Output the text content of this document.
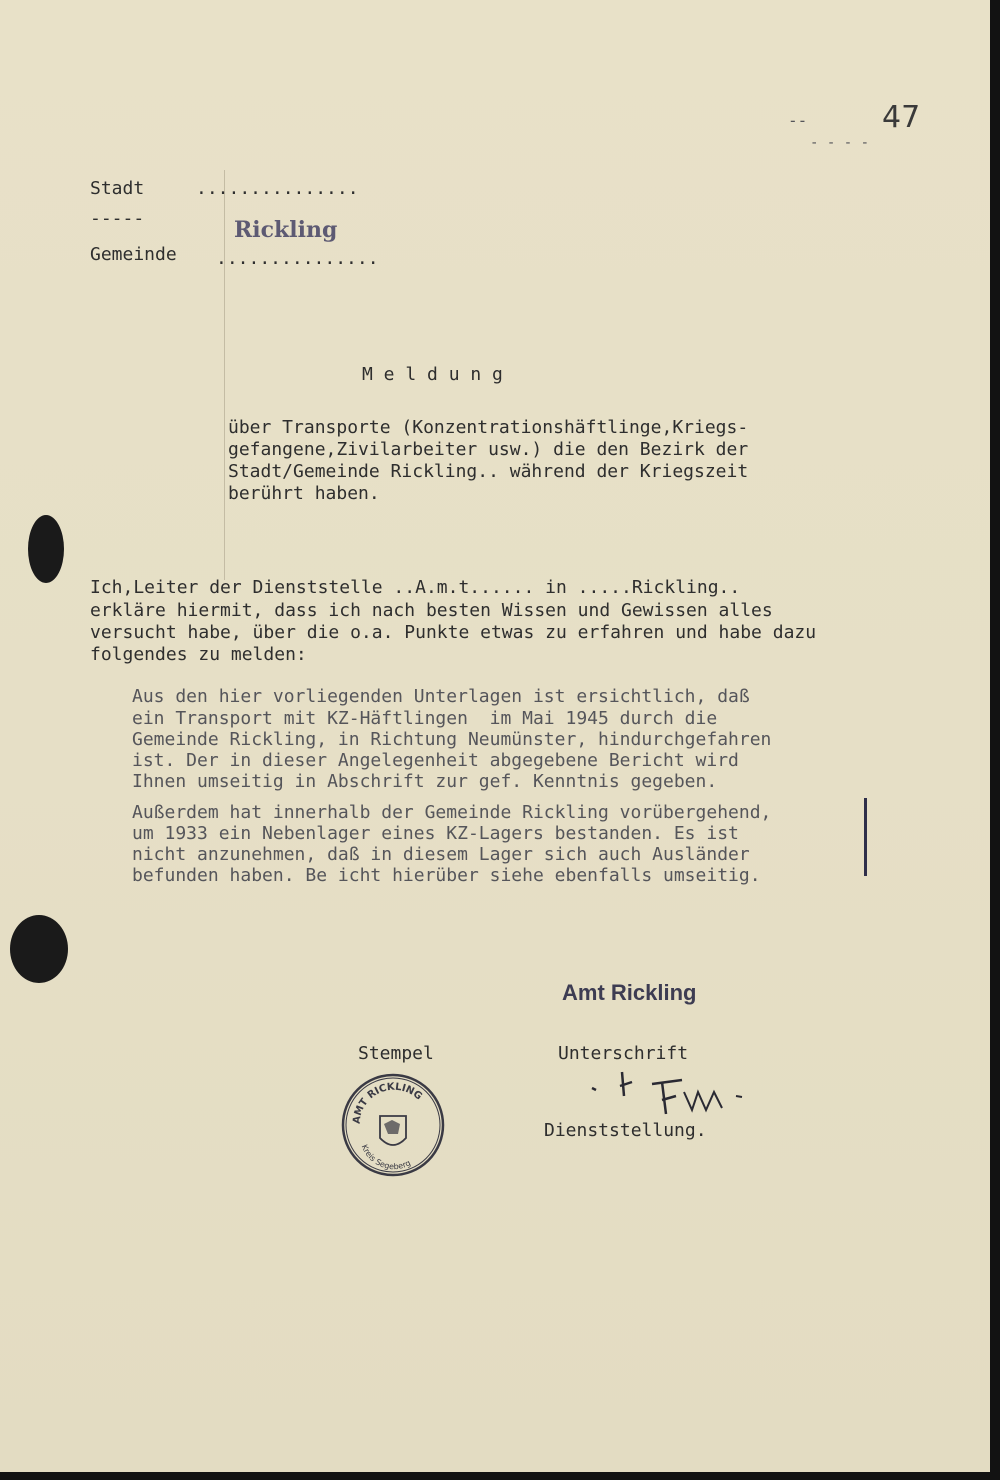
-- 47
- - - -
Stadt	...............
-----	Rickling
Gemeinde ...............
M e l d u n g
über Transporte (Konzentrationshäftlinge,Kriegs-
gefangene,Zivilarbeiter usw.) die den Bezirk der
Stadt/Gemeinde Rickling.. während der Kriegszeit
berührt haben.
Ich,Leiter der Dienststelle ..A.m.t...... in .....Rickling..
erkläre hiermit, dass ich nach besten Wissen und Gewissen alles
versucht habe, über die o.a. Punkte etwas zu erfahren und habe dazu
folgendes zu melden:
Aus den hier vorliegenden Unterlagen ist ersichtlich, daß
ein Transport mit KZ-Häftlingen  im Mai 1945 durch die
Gemeinde Rickling, in Richtung Neumünster, hindurchgefahren
ist. Der in dieser Angelegenheit abgegebene Bericht wird
Ihnen umseitig in Abschrift zur gef. Kenntnis gegeben.
Außerdem hat innerhalb der Gemeinde Rickling vorübergehend,
um 1933 ein Nebenlager eines KZ-Lagers bestanden. Es ist
nicht anzunehmen, daß in diesem Lager sich auch Ausländer
befunden haben. Be icht hierüber siehe ebenfalls umseitig.
Amt Rickling
Stempel	Unterschrift
AMT RICKLING
Kreis Segeberg
Dienststellung.
